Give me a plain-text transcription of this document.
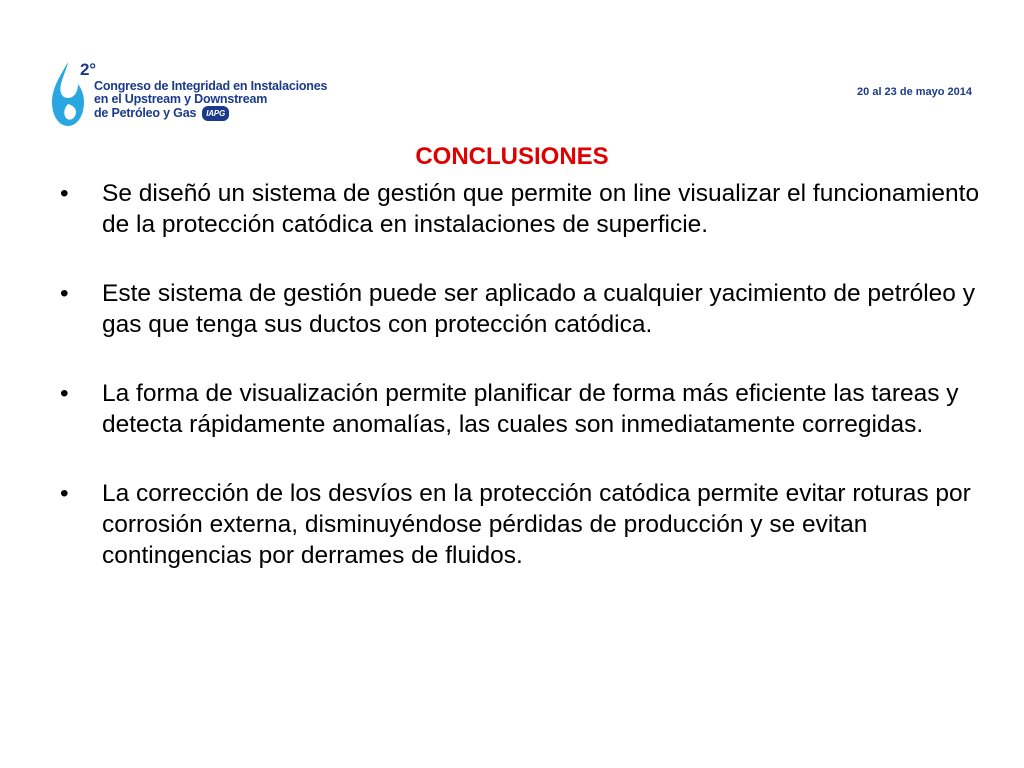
2°
Congreso de Integridad en Instalaciones
en el Upstream y Downstream
de Petróleo y Gas IAPG
20 al 23 de mayo 2014
CONCLUSIONES
• Se diseñó un sistema de gestión que permite on line visualizar el funcionamiento de la protección catódica en instalaciones de superficie.
• Este sistema de gestión puede ser aplicado a cualquier yacimiento de petróleo y gas que tenga sus ductos con protección catódica.
• La forma de visualización permite planificar de forma más eficiente las tareas y detecta rápidamente anomalías, las cuales son inmediatamente corregidas.
• La corrección de los desvíos en la protección catódica permite evitar roturas por corrosión externa, disminuyéndose pérdidas de producción y se evitan contingencias por derrames de fluidos.
